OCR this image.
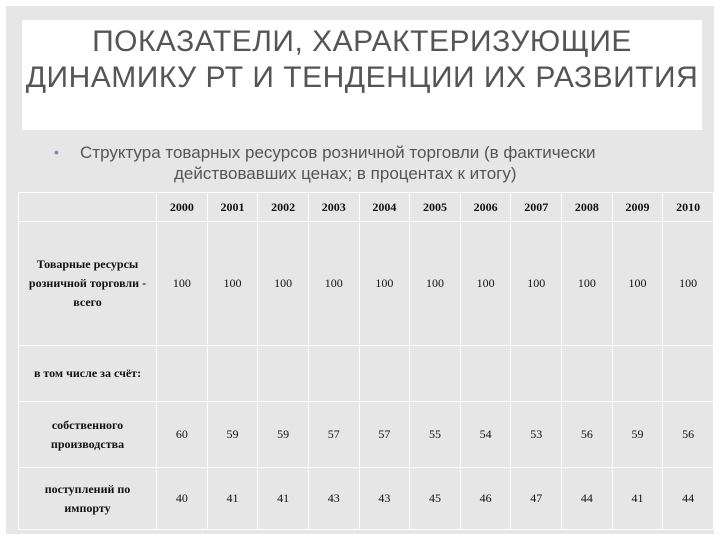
ПОКАЗАТЕЛИ, ХАРАКТЕРИЗУЮЩИЕ ДИНАМИКУ РТ И ТЕНДЕНЦИИ ИХ РАЗВИТИЯ
• Структура товарных ресурсов розничной торговли (в фактически
действовавших ценах; в процентах к итогу)
	2000	2001	2002	2003	2004	2005	2006	2007	2008	2009	2010
Товарные ресурсы розничной торговли - всего	100	100	100	100	100	100	100	100	100	100	100
в том числе за счёт:											
собственного производства	60	59	59	57	57	55	54	53	56	59	56
поступлений по импорту	40	41	41	43	43	45	46	47	44	41	44
